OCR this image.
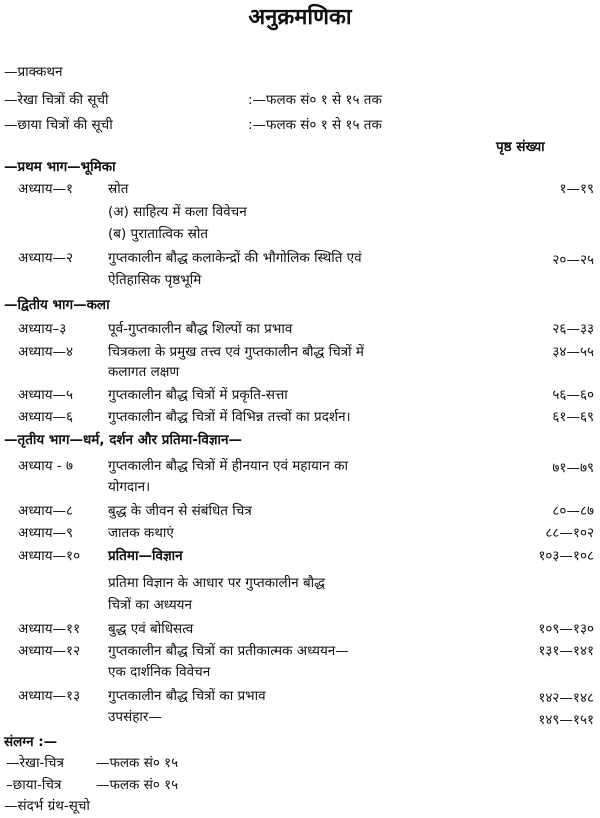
अनुक्रमणिका
—प्राक्कथन
—रेखा चित्रों की सूची	:—फलक सं० १ से १५ तक
—छाया चित्रों की सूची	:—फलक सं० १ से १५ तक
पृष्ठ संख्या
—प्रथम भाग—भूमिका
अध्याय—१	स्रोत	१—१९
(अ) साहित्य में कला विवेचन
(ब) पुरातात्विक स्रोत
अध्याय—२	गुप्तकालीन बौद्ध कलाकेन्द्रों की भौगोलिक स्थिति एवं	२०—२५
ऐतिहासिक पृष्ठभूमि
—द्वितीय भाग—कला
अध्याय–३	पूर्व-गुप्तकालीन बौद्ध शिल्पों का प्रभाव	२६—३३
अध्याय—४	चित्रकला के प्रमुख तत्त्व एवं गुप्तकालीन बौद्ध चित्रों में	३४—५५
कलागत लक्षण
अध्याय—५	गुप्तकालीन बौद्ध चित्रों में प्रकृति-सत्ता	५६—६०
अध्याय—६	गुप्तकालीन बौद्ध चित्रों में विभिन्न तत्त्वों का प्रदर्शन।	६१—६९
—तृतीय भाग—धर्म, दर्शन और प्रतिमा-विज्ञान—
अध्याय - ७	गुप्तकालीन बौद्ध चित्रों में हीनयान एवं महायान का	७१—७९
योगदान।
अध्याय—८	बुद्ध के जीवन से संबंधित चित्र	८०—८७
अध्याय—९	जातक कथाएं	८८—१०२
अध्याय—१० प्रतिमा—विज्ञान	१०३—१०८
प्रतिमा विज्ञान के आधार पर गुप्तकालीन बौद्ध
चित्रों का अध्ययन
अध्याय—११ बुद्ध एवं बोधिसत्व	१०९—१३०
अध्याय—१२ गुप्तकालीन बौद्ध चित्रों का प्रतीकात्मक अध्ययन—	१३१—१४१
एक दार्शनिक विवेचन
अध्याय—१३ गुप्तकालीन बौद्ध चित्रों का प्रभाव	१४२—१४८
उपसंहार—	१४९—१५१
संलग्न :—
—रेखा-चित्र —फलक सं० १५
–छाया-चित्र	—फलक सं० १५
—संदर्भ ग्रंथ-सूचो
